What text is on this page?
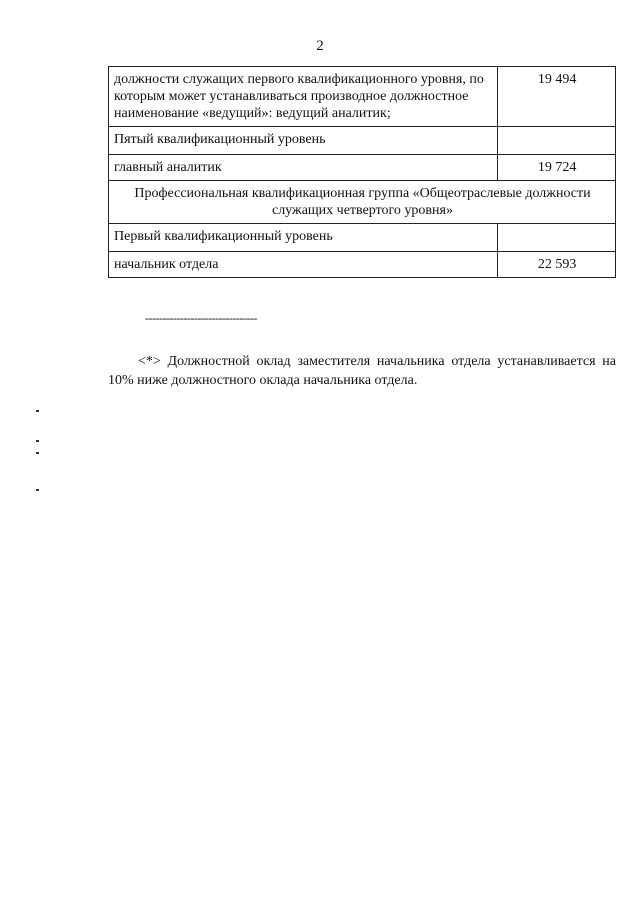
2
должности служащих первого квалификационного уровня, по которым может устанавливаться производное должностное наименование «ведущий»: ведущий аналитик;	19 494
Пятый квалификационный уровень	
главный аналитик	19 724
Профессиональная квалификационная группа «Общеотраслевые должности служащих четвертого уровня»	
Первый квалификационный уровень	
начальник отдела	22 593
--------------------------------

<*> Должностной оклад заместителя начальника отдела устанавливается на 10% ниже должностного оклада начальника отдела.
